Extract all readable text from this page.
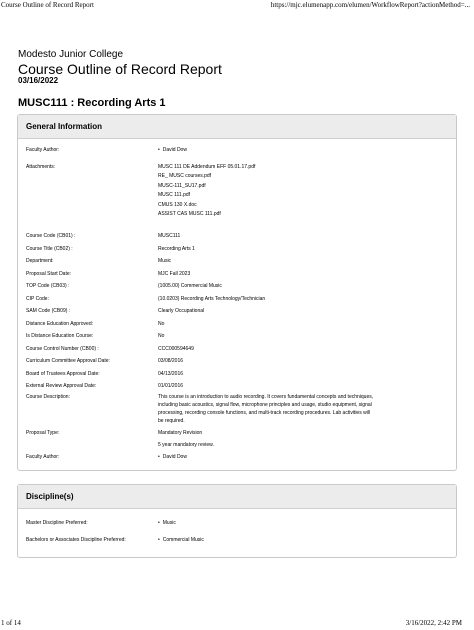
Course Outline of Record Report	https://mjc.elumenapp.com/elumen/WorkflowReport?actionMethod=...
Modesto Junior College
Course Outline of Record Report
03/16/2022
MUSC111 : Recording Arts 1
General Information
Faculty Author:	• David Dow
Attachments:	MUSC 111 DE Addendum EFF 05.01.17.pdf
RE_ MUSC courses.pdf
MUSC-111_SU17.pdf
MUSC 111.pdf
CMUS 130 X.doc
ASSIST CAS MUSC 111.pdf
Course Code (CB01) :	MUSC111
Course Title (CB02) :	Recording Arts 1
Department:	Music
Proposal Start Date:	MJC Fall 2023
TOP Code (CB03) :	(1005.00) Commercial Music
CIP Code:	(10.0203) Recording Arts Technology/Technician
SAM Code (CB09) :	Clearly Occupational
Distance Education Approved:	No
Is Distance Education Course:	No
Course Control Number (CB00) :	CCC000594649
Curriculum Committee Approval Date:	03/08/2016
Board of Trustees Approval Date:	04/13/2016
External Review Approval Date:	01/01/2016
Course Description:	This course is an introduction to audio recording. It covers fundamental concepts and techniques,
including basic acoustics, signal flow, microphone principles and usage, studio equipment, signal
processing, recording console functions, and multi-track recording procedures. Lab activities will
be required.
Proposal Type:	Mandatory Revision
5 year mandatory review.
Faculty Author:	• David Dow
Discipline(s)
Master Discipline Preferred:	• Music
Bachelors or Associates Discipline Preferred:	• Commercial Music
1 of 14	3/16/2022, 2:42 PM
